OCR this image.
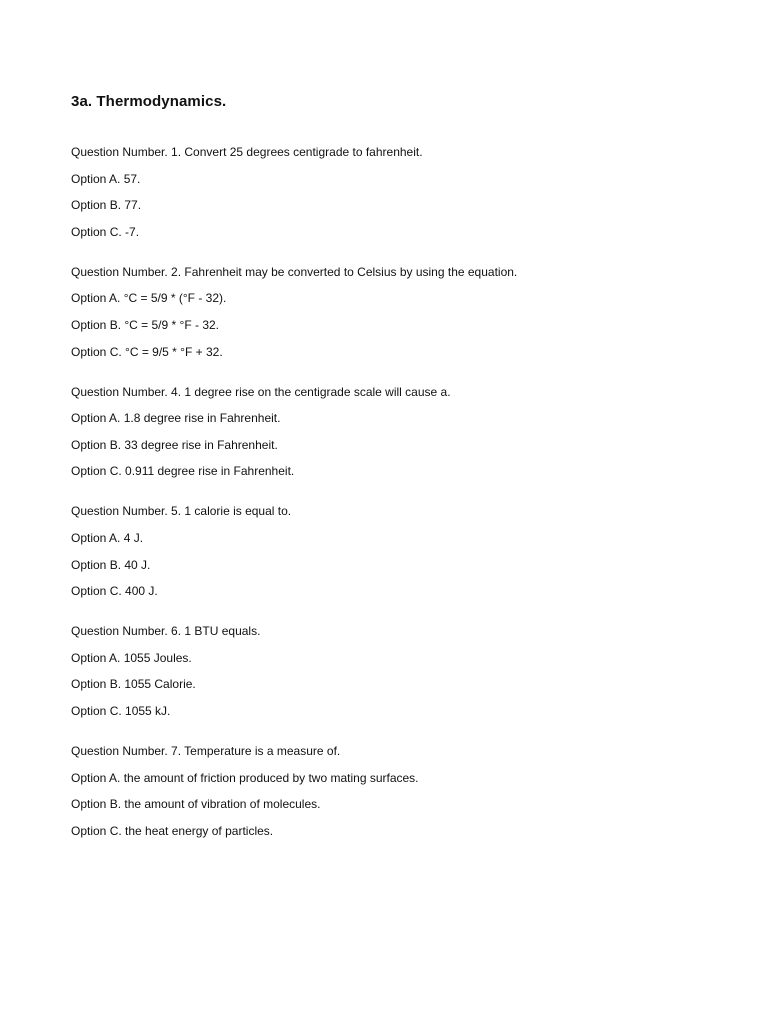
3a. Thermodynamics.
Question Number. 1. Convert 25 degrees centigrade to fahrenheit.
Option A. 57.
Option B. 77.
Option C. -7.
Question Number. 2. Fahrenheit may be converted to Celsius by using the equation.
Option A. °C = 5/9 * (°F - 32).
Option B. °C = 5/9 * °F - 32.
Option C. °C = 9/5 * °F + 32.
Question Number. 4. 1 degree rise on the centigrade scale will cause a.
Option A. 1.8 degree rise in Fahrenheit.
Option B. 33 degree rise in Fahrenheit.
Option C. 0.911 degree rise in Fahrenheit.
Question Number. 5. 1 calorie is equal to.
Option A. 4 J.
Option B. 40 J.
Option C. 400 J.
Question Number. 6. 1 BTU equals.
Option A. 1055 Joules.
Option B. 1055 Calorie.
Option C. 1055 kJ.
Question Number. 7. Temperature is a measure of.
Option A. the amount of friction produced by two mating surfaces.
Option B. the amount of vibration of molecules.
Option C. the heat energy of particles.
